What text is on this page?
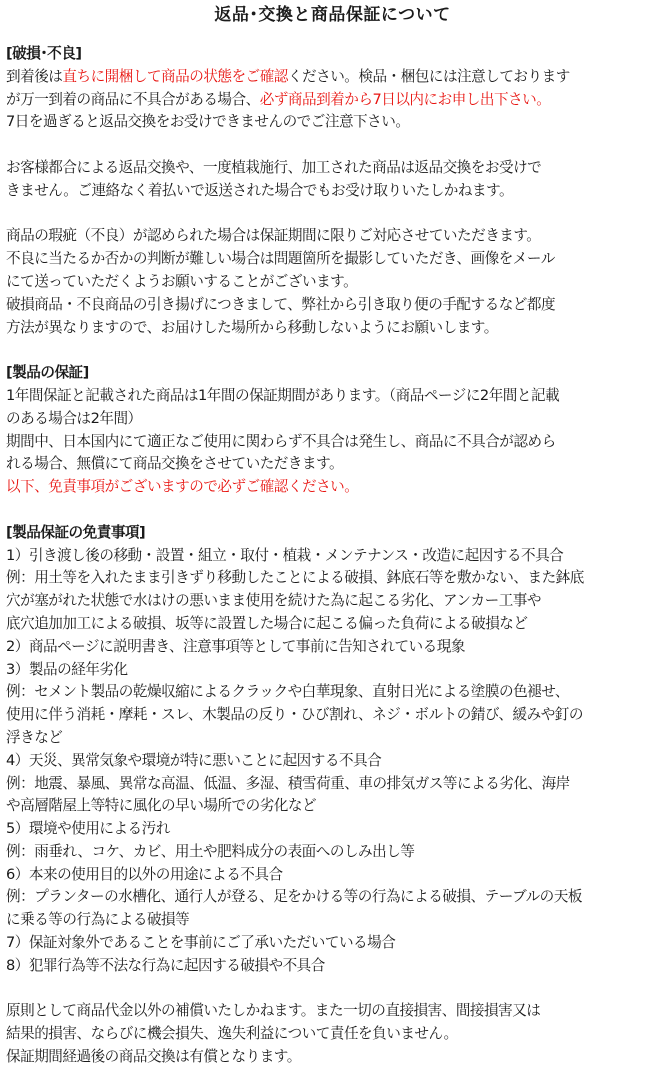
返品･交換と商品保証について
[破損･不良]
到着後は直ちに開梱して商品の状態をご確認ください。検品・梱包には注意しております
が万一到着の商品に不具合がある場合、必ず商品到着から7日以内にお申し出下さい。
7日を過ぎると返品交換をお受けできませんのでご注意下さい。
お客様都合による返品交換や、一度植栽施行、加工された商品は返品交換をお受けで
きません。ご連絡なく着払いで返送された場合でもお受け取りいたしかねます。
商品の瑕疵（不良）が認められた場合は保証期間に限りご対応させていただきます。
不良に当たるか否かの判断が難しい場合は問題箇所を撮影していただき、画像をメール
にて送っていただくようお願いすることがございます。
破損商品・不良商品の引き揚げにつきまして、弊社から引き取り便の手配するなど都度
方法が異なりますので、お届けした場所から移動しないようにお願いします。
[製品の保証]
1年間保証と記載された商品は1年間の保証期間があります。（商品ページに2年間と記載
のある場合は2年間）
期間中、日本国内にて適正なご使用に関わらず不具合は発生し、商品に不具合が認めら
れる場合、無償にて商品交換をさせていただきます。
以下、免責事項がございますので必ずご確認ください。
[製品保証の免責事項]
1）引き渡し後の移動・設置・組立・取付・植栽・メンテナンス・改造に起因する不具合
例：用土等を入れたまま引きずり移動したことによる破損、鉢底石等を敷かない、また鉢底
穴が塞がれた状態で水はけの悪いまま使用を続けた為に起こる劣化、アンカー工事や
底穴追加加工による破損、坂等に設置した場合に起こる偏った負荷による破損など
2）商品ページに説明書き、注意事項等として事前に告知されている現象
3）製品の経年劣化
例：セメント製品の乾燥収縮によるクラックや白華現象、直射日光による塗膜の色褪せ、
使用に伴う消耗・摩耗・スレ、木製品の反り・ひび割れ、ネジ・ボルトの錆び、緩みや釘の
浮きなど
4）天災、異常気象や環境が特に悪いことに起因する不具合
例：地震、暴風、異常な高温、低温、多湿、積雪荷重、車の排気ガス等による劣化、海岸
や高層階屋上等特に風化の早い場所での劣化など
5）環境や使用による汚れ
例：雨垂れ、コケ、カビ、用土や肥料成分の表面へのしみ出し等
6）本来の使用目的以外の用途による不具合
例：プランターの水槽化、通行人が登る、足をかける等の行為による破損、テーブルの天板
に乗る等の行為による破損等
7）保証対象外であることを事前にご了承いただいている場合
8）犯罪行為等不法な行為に起因する破損や不具合
原則として商品代金以外の補償いたしかねます。また一切の直接損害、間接損害又は
結果的損害、ならびに機会損失、逸失利益について責任を負いません。
保証期間経過後の商品交換は有償となります。
